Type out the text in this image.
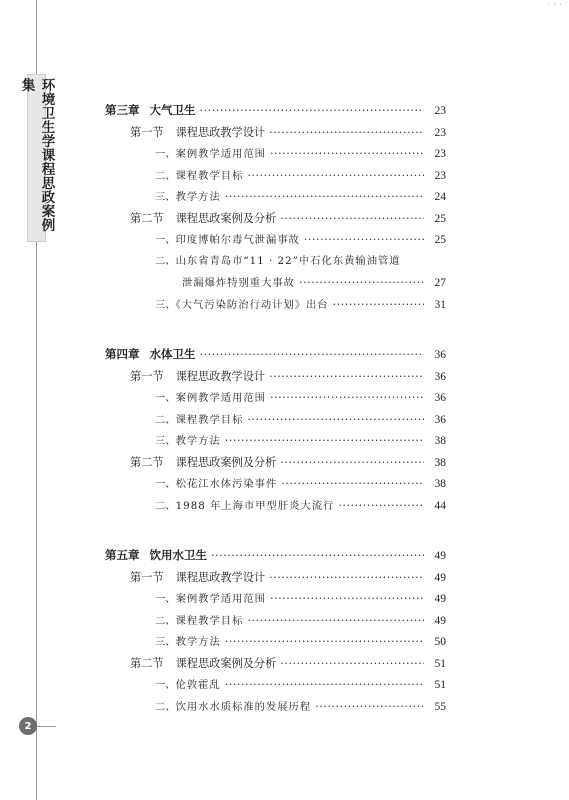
· · ·
环境卫生学课程思政案例集
2
第三章 大气卫生 ·····	23
第一节 课程思政教学设计 ·····	23
一、案例教学适用范围 ·····	23
二、课程教学目标 ·····	23
三、教学方法 ·····	24
第二节 课程思政案例及分析 ·····	25
一、印度博帕尔毒气泄漏事故 ·····	25
二、山东省青岛市“11 · 22”中石化东黄输油管道
泄漏爆炸特别重大事故 ·····	27
三、《大气污染防治行动计划》出台 ·····	31
第四章 水体卫生 ·····	36
第一节 课程思政教学设计 ·····	36
一、案例教学适用范围 ·····	36
二、课程教学目标 ·····	36
三、教学方法 ·····	38
第二节 课程思政案例及分析 ·····	38
一、松花江水体污染事件 ·····	38
二、1988 年上海市甲型肝炎大流行 ·····	44
第五章 饮用水卫生 ·····	49
第一节 课程思政教学设计 ·····	49
一、案例教学适用范围 ·····	49
二、课程教学目标 ·····	49
三、教学方法 ·····	50
第二节 课程思政案例及分析 ·····	51
一、伦敦霍乱 ·····	51
二、饮用水水质标准的发展历程 ·····	55
